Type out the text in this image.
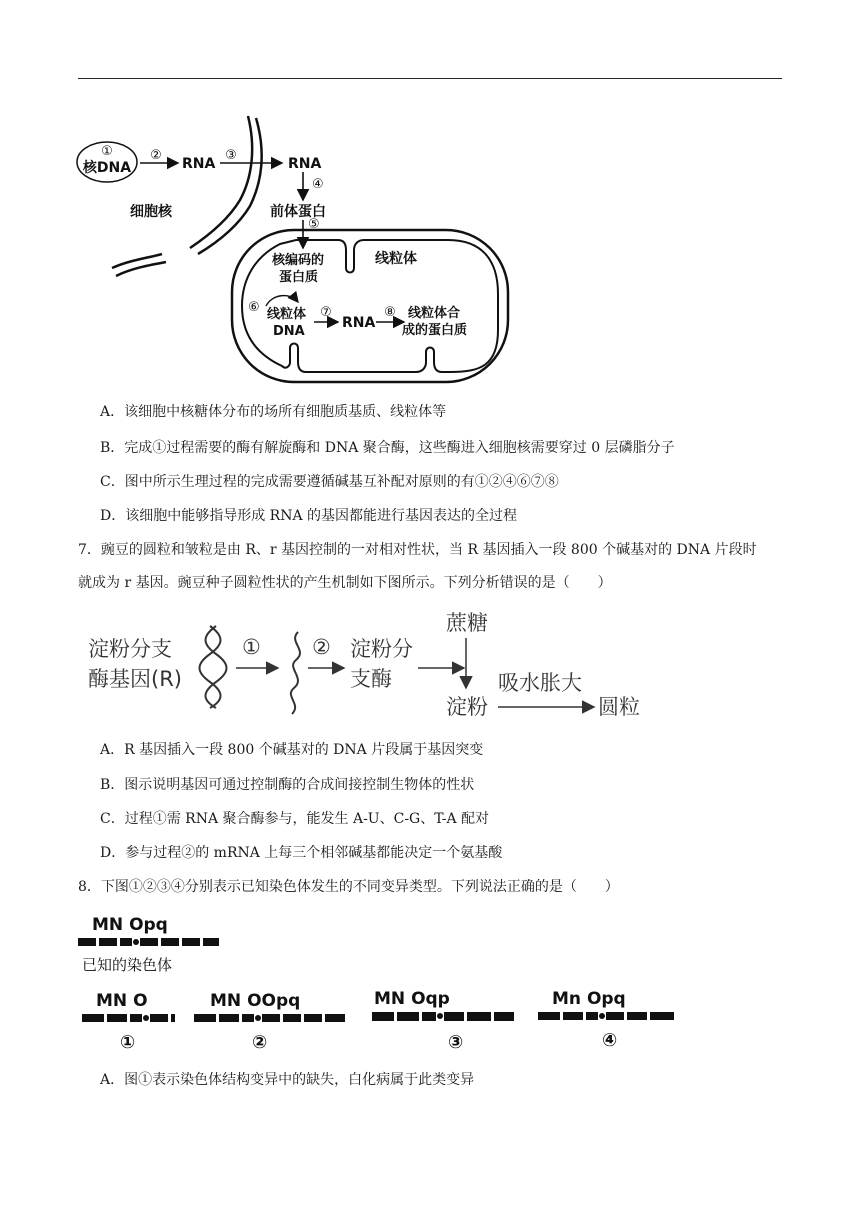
①
核DNA
②
RNA
③
RNA
④
前体蛋白
细胞核
⑤
核编码的
蛋白质
线粒体
⑥ 线粒体
DNA
⑦
RNA
⑧ 线粒体合
成的蛋白质
A．该细胞中核糖体分布的场所有细胞质基质、线粒体等
B．完成①过程需要的酶有解旋酶和 DNA 聚合酶，这些酶进入细胞核需要穿过 0 层磷脂分子
C．图中所示生理过程的完成需要遵循碱基互补配对原则的有①②④⑥⑦⑧
D．该细胞中能够指导形成 RNA 的基因都能进行基因表达的全过程
7．豌豆的圆粒和皱粒是由 R、r 基因控制的一对相对性状，当 R 基因插入一段 800 个碱基对的 DNA 片段时
就成为 r 基因。豌豆种子圆粒性状的产生机制如下图所示。下列分析错误的是（　　）
淀粉分支
酶基因(R)
① ② 淀粉分
支酶
蔗糖
淀粉
吸水胀大
圆粒
A．R 基因插入一段 800 个碱基对的 DNA 片段属于基因突变
B．图示说明基因可通过控制酶的合成间接控制生物体的性状
C．过程①需 RNA 聚合酶参与，能发生 A-U、C-G、T-A 配对
D．参与过程②的 mRNA 上每三个相邻碱基都能决定一个氨基酸
8．下图①②③④分别表示已知染色体发生的不同变异类型。下列说法正确的是（　　）
MN Opq
已知的染色体
MN O
①
MN OOpq
②
MN Oqp
③
Mn Opq
④
A．图①表示染色体结构变异中的缺失，白化病属于此类变异
